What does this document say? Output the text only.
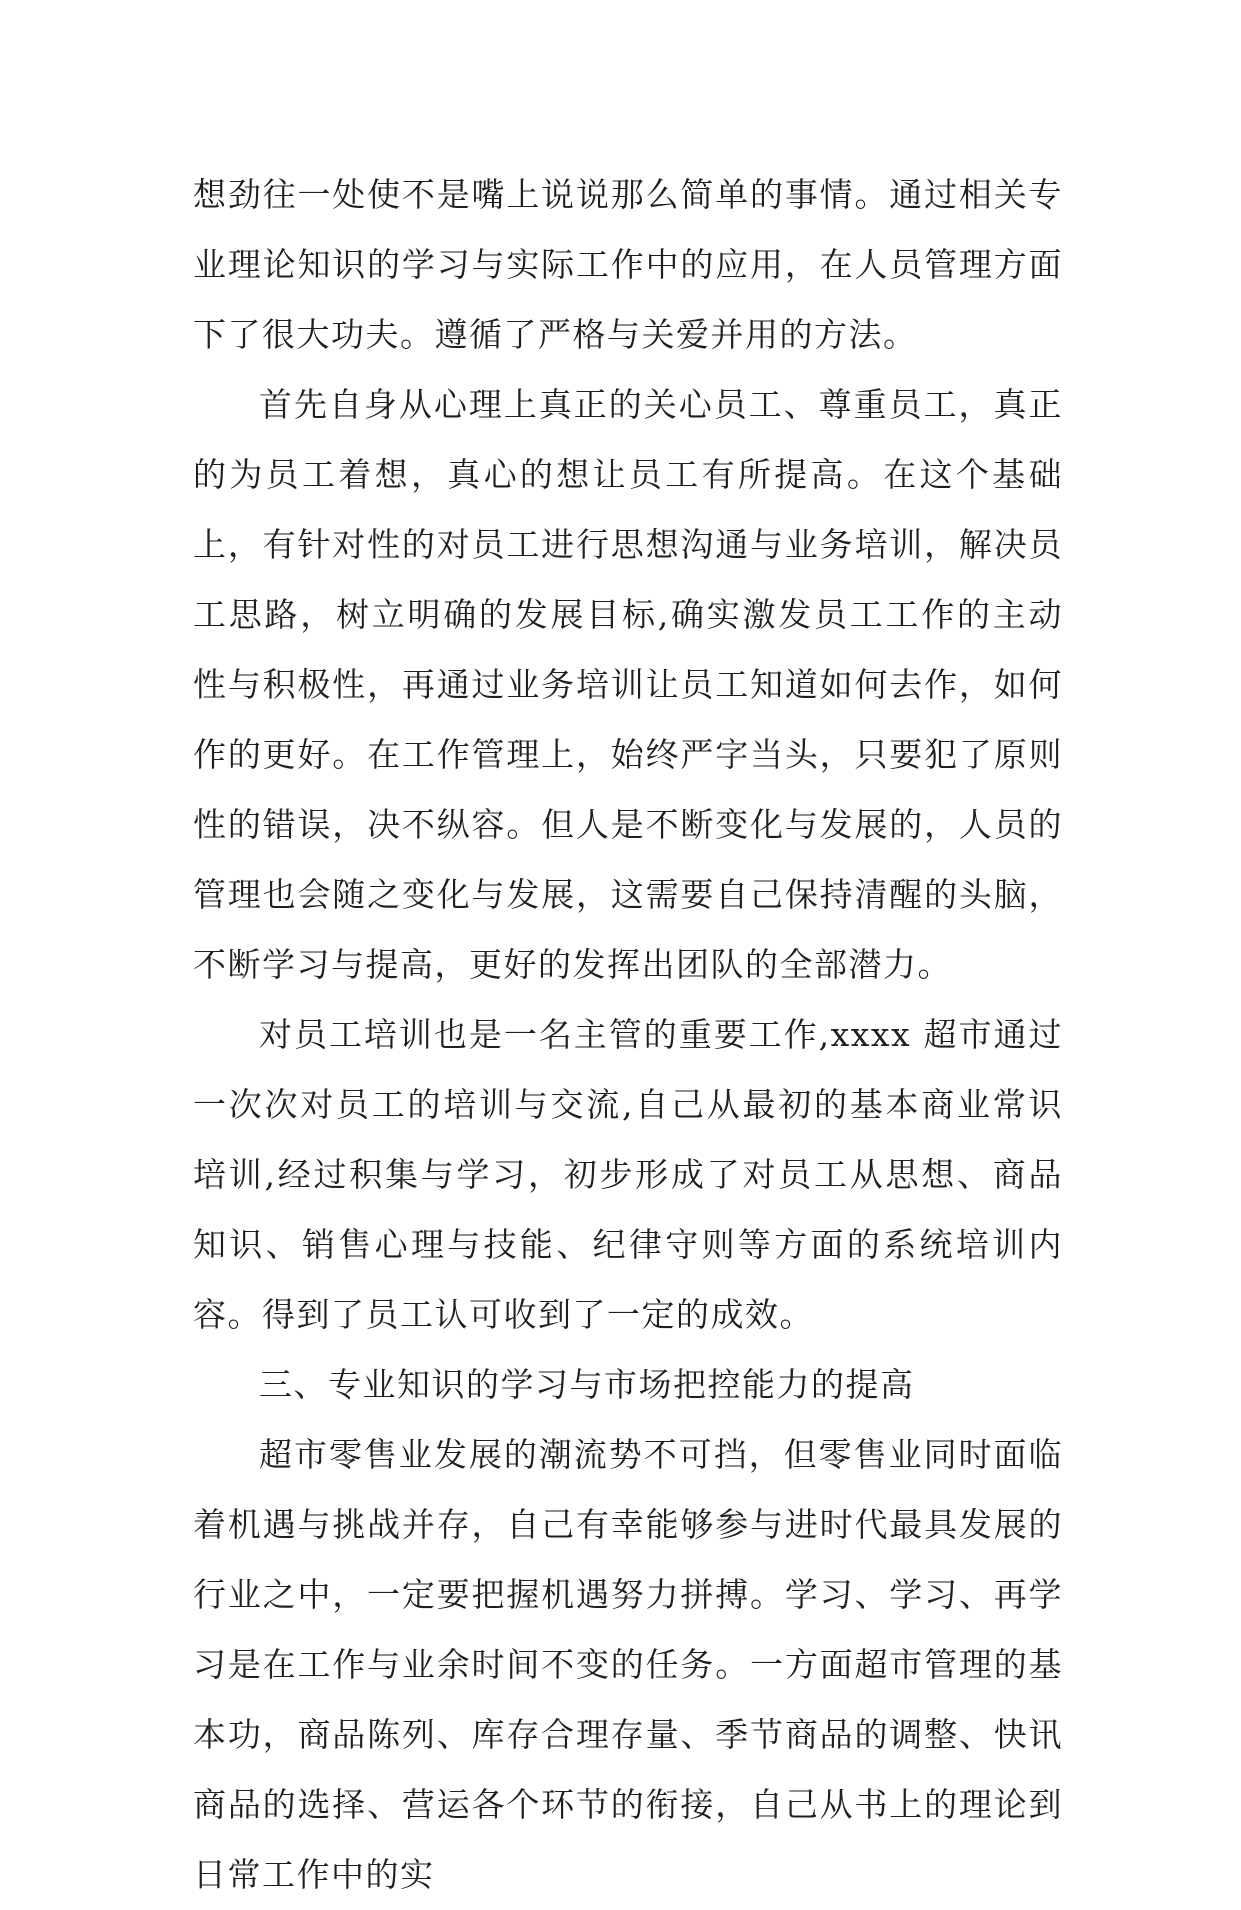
想劲往一处使不是嘴上说说那么简单的事情。通过相关专业理论知识的学习与实际工作中的应用，在人员管理方面下了很大功夫。遵循了严格与关爱并用的方法。

首先自身从心理上真正的关心员工、尊重员工，真正的为员工着想，真心的想让员工有所提高。在这个基础上，有针对性的对员工进行思想沟通与业务培训，解决员工思路，树立明确的发展目标,确实激发员工工作的主动性与积极性，再通过业务培训让员工知道如何去作，如何作的更好。在工作管理上，始终严字当头，只要犯了原则性的错误，决不纵容。但人是不断变化与发展的，人员的管理也会随之变化与发展，这需要自己保持清醒的头脑，不断学习与提高，更好的发挥出团队的全部潜力。

对员工培训也是一名主管的重要工作,xxxx 超市通过一次次对员工的培训与交流,自己从最初的基本商业常识培训,经过积集与学习，初步形成了对员工从思想、商品知识、销售心理与技能、纪律守则等方面的系统培训内容。得到了员工认可收到了一定的成效。

三、专业知识的学习与市场把控能力的提高

超市零售业发展的潮流势不可挡，但零售业同时面临着机遇与挑战并存，自己有幸能够参与进时代最具发展的行业之中，一定要把握机遇努力拼搏。学习、学习、再学习是在工作与业余时间不变的任务。一方面超市管理的基本功，商品陈列、库存合理存量、季节商品的调整、快讯商品的选择、营运各个环节的衔接，自己从书上的理论到日常工作中的实
